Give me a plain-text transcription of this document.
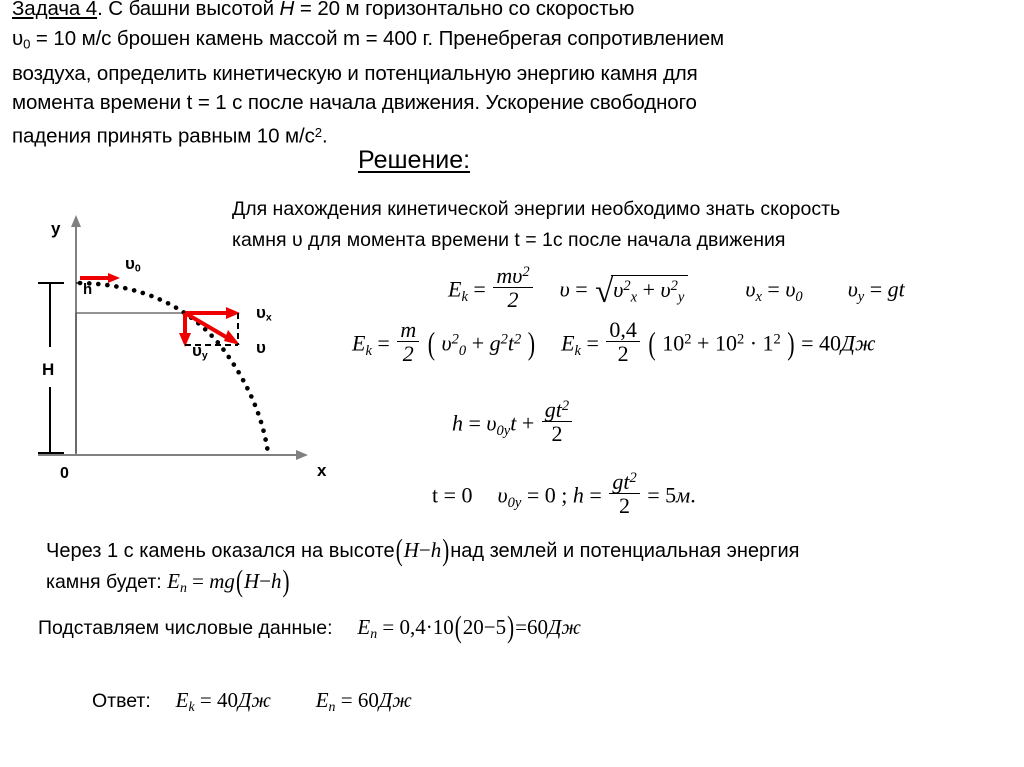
Задача 4. С башни высотой H = 20 м горизонтально со скоростью
$\upsilon_0 = 10$ м/с брошен камень массой m = 400 г. Пренебрегая сопротивлением
воздуха, определить кинетическую и потенциальную энергию камня для
момента времени t = 1 с после начала движения. Ускорение свободного
падения принять равным 10 $м/с^2$.
Решение:
Для нахождения кинетической энергии необходимо знать скорость
камня υ для момента времени t = 1с после начала движения
y
x
0
H
h
υ0
υx
υy	υ
$Ek = \frac{m\upsilon^2}{2}$ $\upsilon = √\upsilon^2x + \upsilon^2y$	υx = υ0 υy = gt
$Ek = \frac{m}{2}$ ( $\upsilon^20 + g^2t^2$ ) $Ek = \frac{0,4}{2}$ ( $10^2 + 10^2 \cdot 1^2$ ) = 40Дж
$h = \upsilon 0yt + \frac{gt^2}{2}$
t = 0 υ0y = 0 ; $h = \frac{gt^2}{2} = 5м$.
Через 1 с камень оказался на высоте(H−h)над землей и потенциальная энергия
камня будет: En = mg(H−h)
Подставляем числовые данные: En = 0,4·10(20−5)=60Дж
Ответ: Ek = 40Дж En = 60Дж
